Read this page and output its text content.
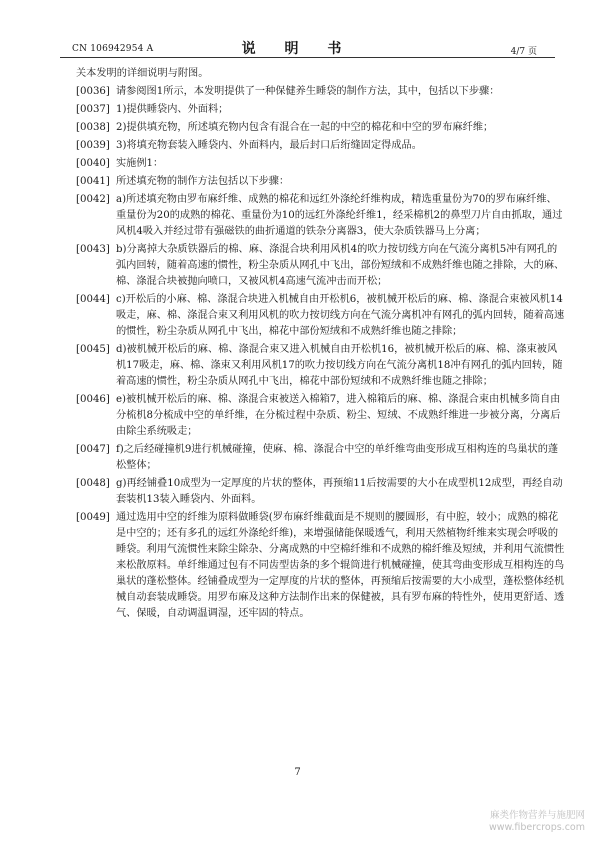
CN 106942954 A	说 明 书	4/7 页

关本发明的详细说明与附图。

[0036] 请参阅图1所示，本发明提供了一种保健养生睡袋的制作方法，其中，包括以下步骤：
[0037] 1)提供睡袋内、外面料；
[0038] 2)提供填充物，所述填充物内包含有混合在一起的中空的棉花和中空的罗布麻纤维；
[0039] 3)将填充物套装入睡袋内、外面料内，最后封口后绗缝固定得成品。
[0040] 实施例1：
[0041] 所述填充物的制作方法包括以下步骤：
[0042] a)所述填充物由罗布麻纤维、成熟的棉花和远红外涤纶纤维构成，精选重量份为70的罗布麻纤维、重量份为20的成熟的棉花、重量份为10的远红外涤纶纤维1，经采棉机2的鼻型刀片自由抓取，通过风机4吸入并经过带有强磁铁的曲折通道的铁杂分离器3，使大杂质铁器马上分离；
[0043] b)分离掉大杂质铁器后的棉、麻、涤混合块利用风机4的吹力按切线方向在气流分离机5冲有网孔的弧内回转，随着高速的惯性，粉尘杂质从网孔中飞出，部份短绒和不成熟纤维也随之排除，大的麻、棉、涤混合块被抛向喷口，又被风机4高速气流冲击而开松；
[0044] c)开松后的小麻、棉、涤混合块进入机械自由开松机6，被机械开松后的麻、棉、涤混合束被风机14吸走，麻、棉、涤混合束又利用风机的吹力按切线方向在气流分离机冲有网孔的弧内回转，随着高速的惯性，粉尘杂质从网孔中飞出，棉花中部份短绒和不成熟纤维也随之排除；
[0045] d)被机械开松后的麻、棉、涤混合束又进入机械自由开松机16，被机械开松后的麻、棉、涤束被风机17吸走，麻、棉、涤束又利用风机17的吹力按切线方向在气流分离机18冲有网孔的弧内回转，随着高速的惯性，粉尘杂质从网孔中飞出，棉花中部份短绒和不成熟纤维也随之排除；
[0046] e)被机械开松后的麻、棉、涤混合束被送入棉箱7，进入棉箱后的麻、棉、涤混合束由机械多筒自由分梳机8分梳成中空的单纤维，在分梳过程中杂质、粉尘、短绒、不成熟纤维进一步被分离，分离后由除尘系统吸走；
[0047] f)之后经碰撞机9进行机械碰撞，使麻、棉、涤混合中空的单纤维弯曲变形成互相构连的鸟巢状的蓬松整体；
[0048] g)再经铺叠10成型为一定厚度的片状的整体，再预缩11后按需要的大小在成型机12成型，再经自动套装机13装入睡袋内、外面料。
[0049] 通过选用中空的纤维为原料做睡袋(罗布麻纤维截面是不规则的腰圆形，有中腔，较小；成熟的棉花是中空的；还有多孔的远红外涤纶纤维)，来增强储能保暖透气，利用天然植物纤维来实现会呼吸的睡袋。利用气流惯性来除尘除杂、分离成熟的中空棉纤维和不成熟的棉纤维及短绒，并利用气流惯性来松散原料。单纤维通过包有不同齿型齿条的多个辊筒进行机械碰撞，使其弯曲变形成互相构连的鸟巢状的蓬松整体。经铺叠成型为一定厚度的片状的整体，再预缩后按需要的大小成型，蓬松整体经机械自动套装成睡袋。用罗布麻及这种方法制作出来的保健被，具有罗布麻的特性外，使用更舒适、透气、保暖，自动调温调湿，还牢固的特点。
7
麻类作物营养与施肥网
www.fibercrops.com
